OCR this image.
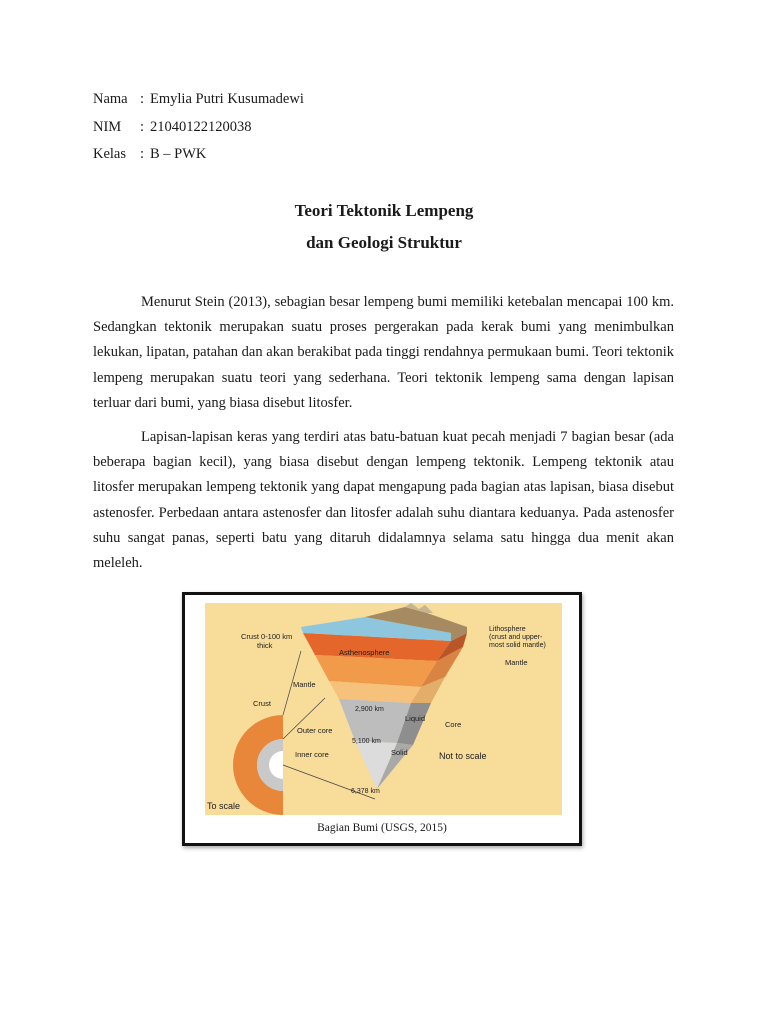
Nama : Emylia Putri Kusumadewi
NIM : 21040122120038
Kelas : B – PWK
Teori Tektonik Lempeng
dan Geologi Struktur

Menurut Stein (2013), sebagian besar lempeng bumi memiliki ketebalan mencapai 100 km. Sedangkan tektonik merupakan suatu proses pergerakan pada kerak bumi yang menimbulkan lekukan, lipatan, patahan dan akan berakibat pada tinggi rendahnya permukaan bumi. Teori tektonik lempeng merupakan suatu teori yang sederhana. Teori tektonik lempeng sama dengan lapisan terluar dari bumi, yang biasa disebut litosfer.

Lapisan-lapisan keras yang terdiri atas batu-batuan kuat pecah menjadi 7 bagian besar (ada beberapa bagian kecil), yang biasa disebut dengan lempeng tektonik. Lempeng tektonik atau litosfer merupakan lempeng tektonik yang dapat mengapung pada bagian atas lapisan, biasa disebut astenosfer. Perbedaan antara astenosfer dan litosfer adalah suhu diantara keduanya. Pada astenosfer suhu sangat panas, seperti batu yang ditaruh didalamnya selama satu hingga dua menit akan meleleh.

Crust 0-100 km thick
Asthenosphere
Lithosphere (crust and upper-most solid mantle)
Mantle
Mantle
Crust
2,900 km
Liquid
Outer core
Core
5,100 km
Solid
Inner core	Not to scale
6,378 km
To scale
Bagian Bumi (USGS, 2015)
